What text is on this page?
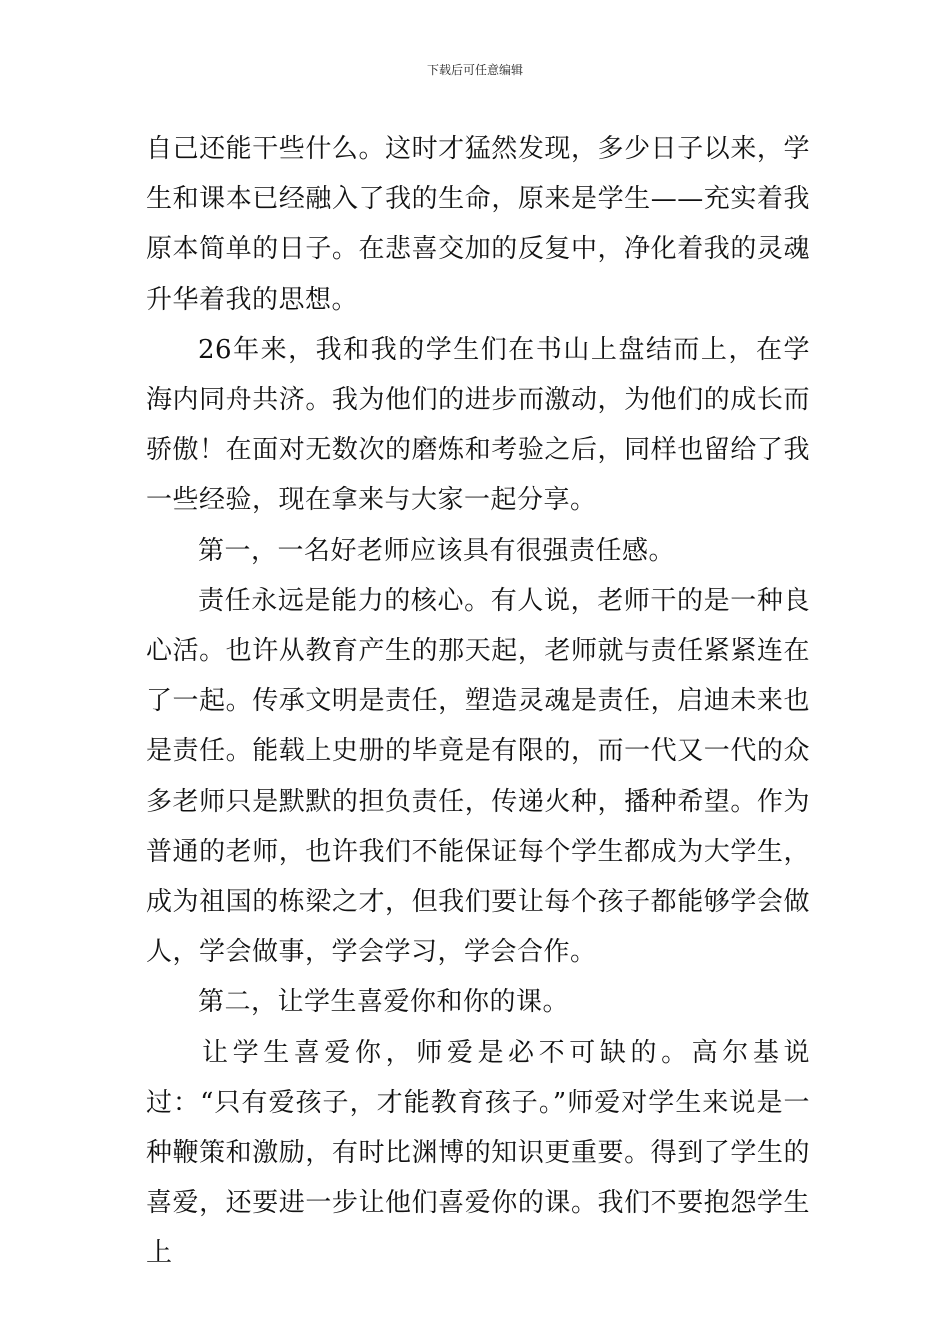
下载后可任意编辑

自己还能干些什么。这时才猛然发现，多少日子以来，学生和课本已经融入了我的生命，原来是学生——充实着我原本简单的日子。在悲喜交加的反复中，净化着我的灵魂升华着我的思想。

26年来，我和我的学生们在书山上盘结而上，在学海内同舟共济。我为他们的进步而激动，为他们的成长而骄傲！在面对无数次的磨炼和考验之后，同样也留给了我一些经验，现在拿来与大家一起分享。

第一，一名好老师应该具有很强责任感。

责任永远是能力的核心。有人说，老师干的是一种良心活。也许从教育产生的那天起，老师就与责任紧紧连在了一起。传承文明是责任，塑造灵魂是责任，启迪未来也是责任。能载上史册的毕竟是有限的，而一代又一代的众多老师只是默默的担负责任，传递火种，播种希望。作为普通的老师，也许我们不能保证每个学生都成为大学生，成为祖国的栋梁之才，但我们要让每个孩子都能够学会做人，学会做事，学会学习，学会合作。

第二，让学生喜爱你和你的课。

让学生喜爱你，师爱是必不可缺的。高尔基说过：“只有爱孩子，才能教育孩子。”师爱对学生来说是一种鞭策和激励，有时比渊博的知识更重要。得到了学生的喜爱，还要进一步让他们喜爱你的课。我们不要抱怨学生上
